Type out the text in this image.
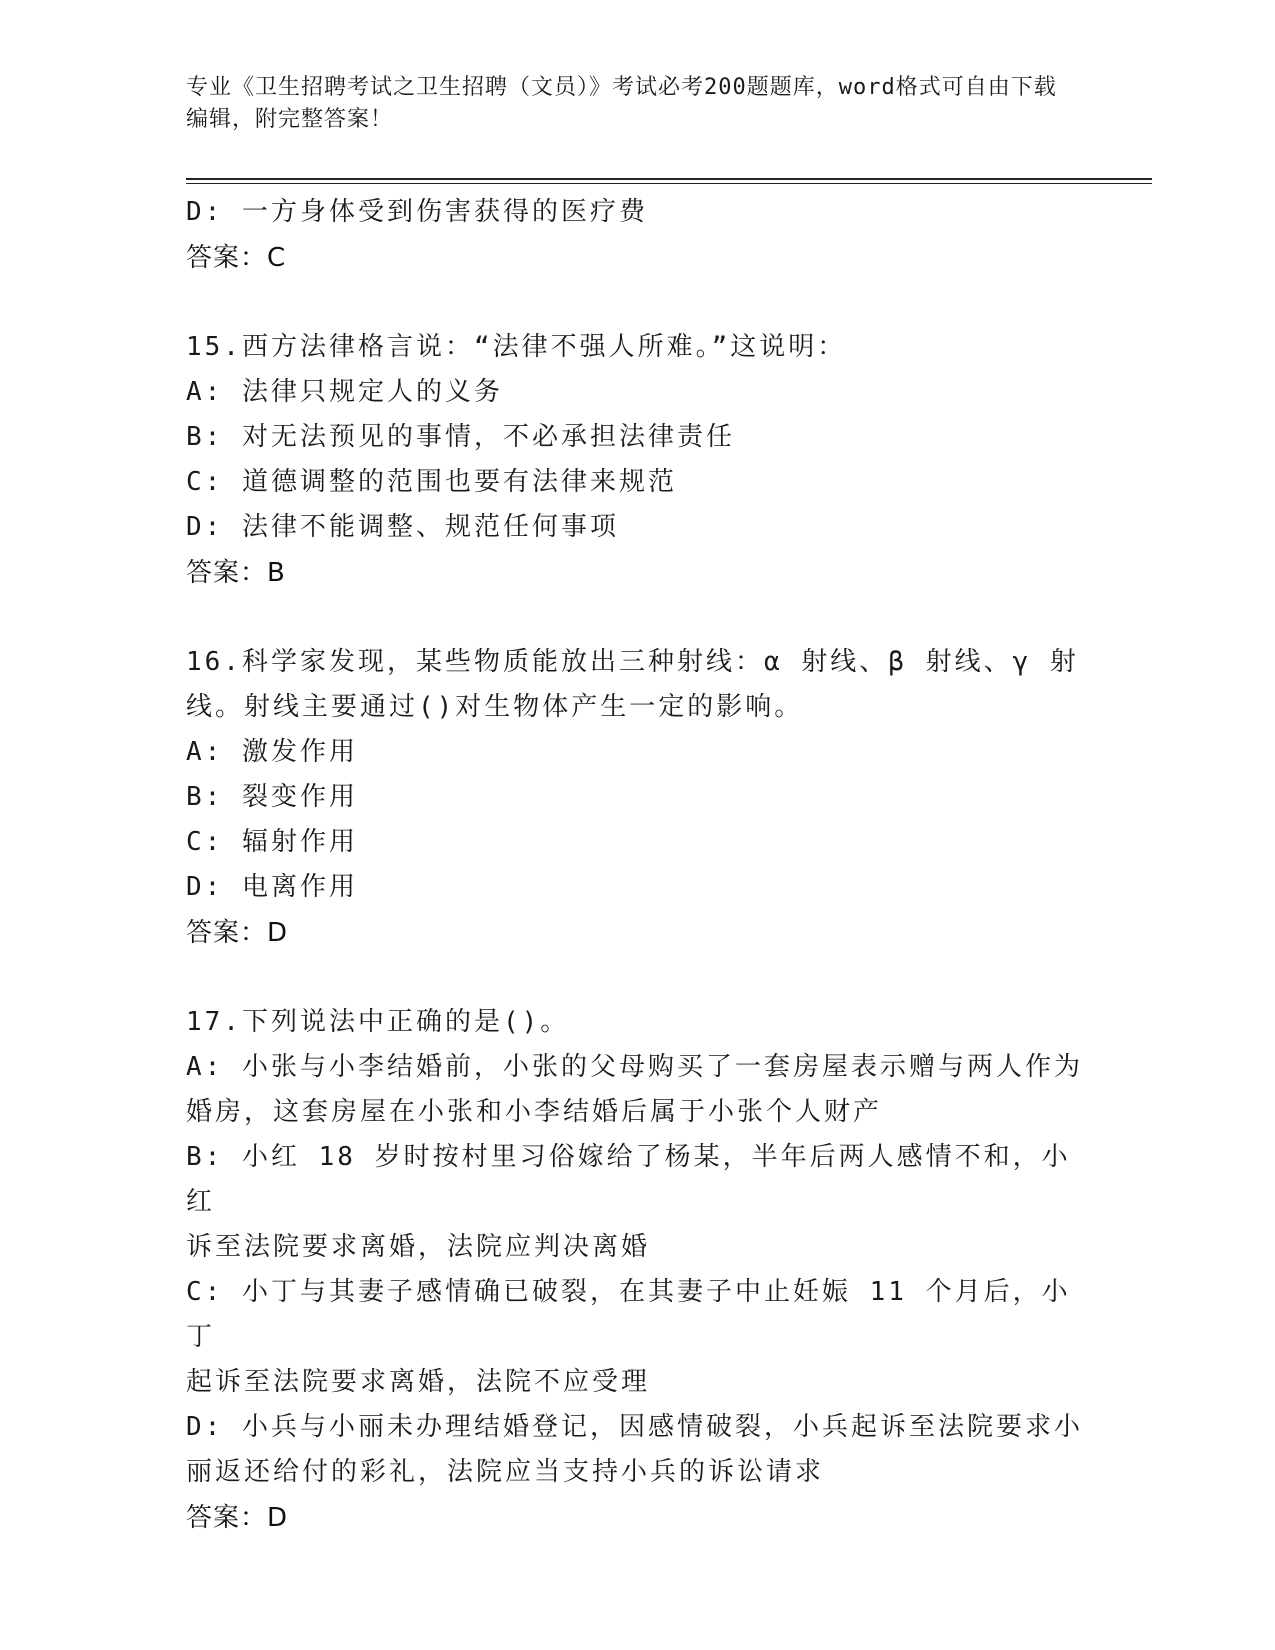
专业《卫生招聘考试之卫生招聘（文员）》考试必考200题题库，word格式可自由下载编辑，附完整答案！
D: 一方身体受到伤害获得的医疗费
答案：C
15.西方法律格言说：“法律不强人所难。”这说明：
A: 法律只规定人的义务
B: 对无法预见的事情，不必承担法律责任
C: 道德调整的范围也要有法律来规范
D: 法律不能调整、规范任何事项
答案：B
16.科学家发现，某些物质能放出三种射线：α 射线、β 射线、γ 射
线。射线主要通过()对生物体产生一定的影响。
A: 激发作用
B: 裂变作用
C: 辐射作用
D: 电离作用
答案：D
17.下列说法中正确的是()。
A: 小张与小李结婚前，小张的父母购买了一套房屋表示赠与两人作为
婚房，这套房屋在小张和小李结婚后属于小张个人财产
B: 小红 18 岁时按村里习俗嫁给了杨某，半年后两人感情不和，小红
诉至法院要求离婚，法院应判决离婚
C: 小丁与其妻子感情确已破裂，在其妻子中止妊娠 11 个月后，小丁
起诉至法院要求离婚，法院不应受理
D: 小兵与小丽未办理结婚登记，因感情破裂，小兵起诉至法院要求小
丽返还给付的彩礼，法院应当支持小兵的诉讼请求
答案：D
